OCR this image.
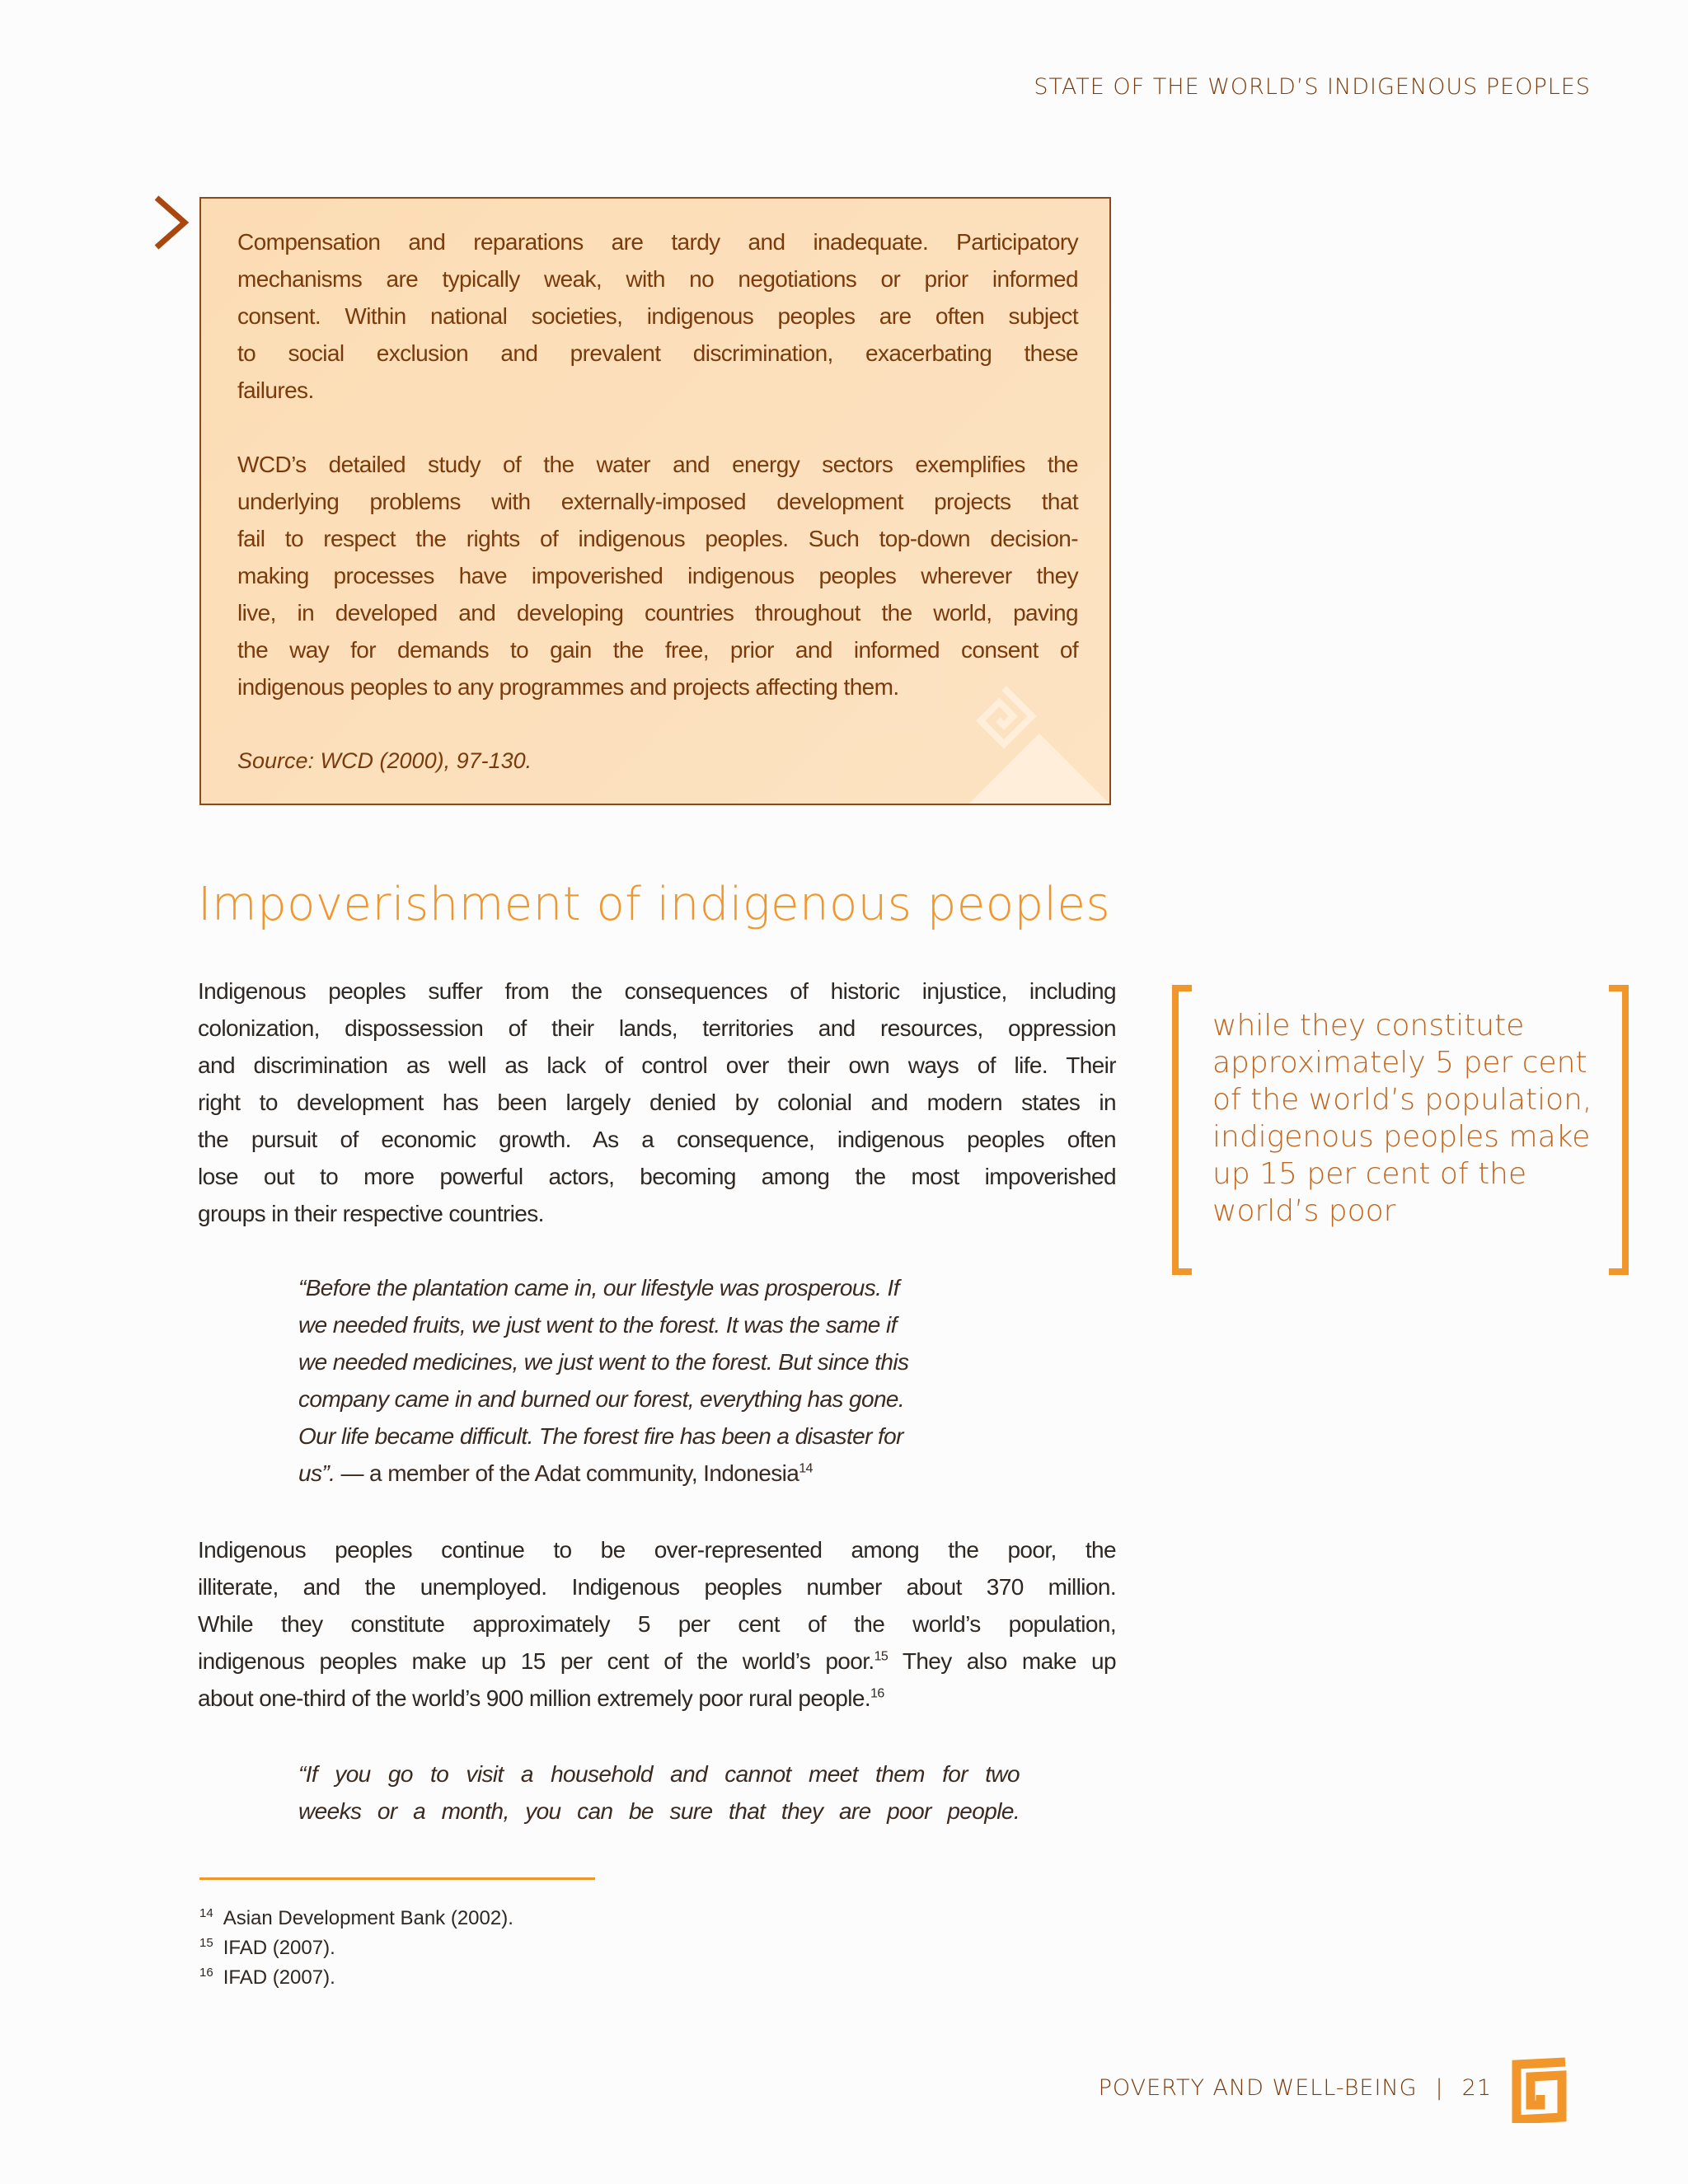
STATE OF THE WORLD’S INDIGENOUS PEOPLES
Compensation and reparations are tardy and inadequate. Participatory
mechanisms are typically weak, with no negotiations or prior informed
consent. Within national societies, indigenous peoples are often subject
to social exclusion and prevalent discrimination, exacerbating these
failures.
WCD’s detailed study of the water and energy sectors exemplifies the
underlying problems with externally-imposed development projects that
fail to respect the rights of indigenous peoples. Such top-down decision-
making processes have impoverished indigenous peoples wherever they
live, in developed and developing countries throughout the world, paving
the way for demands to gain the free, prior and informed consent of
indigenous peoples to any programmes and projects affecting them.
Source: WCD (2000), 97-130.
Impoverishment of indigenous peoples
Indigenous peoples suffer from the consequences of historic injustice, including
colonization, dispossession of their lands, territories and resources, oppression
and discrimination as well as lack of control over their own ways of life. Their
right to development has been largely denied by colonial and modern states in
the pursuit of economic growth. As a consequence, indigenous peoples often
lose out to more powerful actors, becoming among the most impoverished
groups in their respective countries.
“Before the plantation came in, our lifestyle was prosperous. If
we needed fruits, we just went to the forest. It was the same if
we needed medicines, we just went to the forest. But since this
company came in and burned our forest, everything has gone.
Our life became difficult. The forest fire has been a disaster for
us”. — a member of the Adat community, Indonesia$^{14}$
Indigenous peoples continue to be over-represented among the poor, the
illiterate, and the unemployed. Indigenous peoples number about 370 million.
While they constitute approximately 5 per cent of the world’s population,
indigenous peoples make up 15 per cent of the world’s poor.$^{15}$ They also make up
about one-third of the world’s 900 million extremely poor rural people.$^{16}$
“If you go to visit a household and cannot meet them for two
weeks or a month, you can be sure that they are poor people.
while they constitute
approximately 5 per cent
of the world’s population,
indigenous peoples make
up 15 per cent of the
world’s poor
$^{14}$ Asian Development Bank (2002).
$^{15}$ IFAD (2007).
$^{16}$ IFAD (2007).
POVERTY AND WELL-BEING | 21
